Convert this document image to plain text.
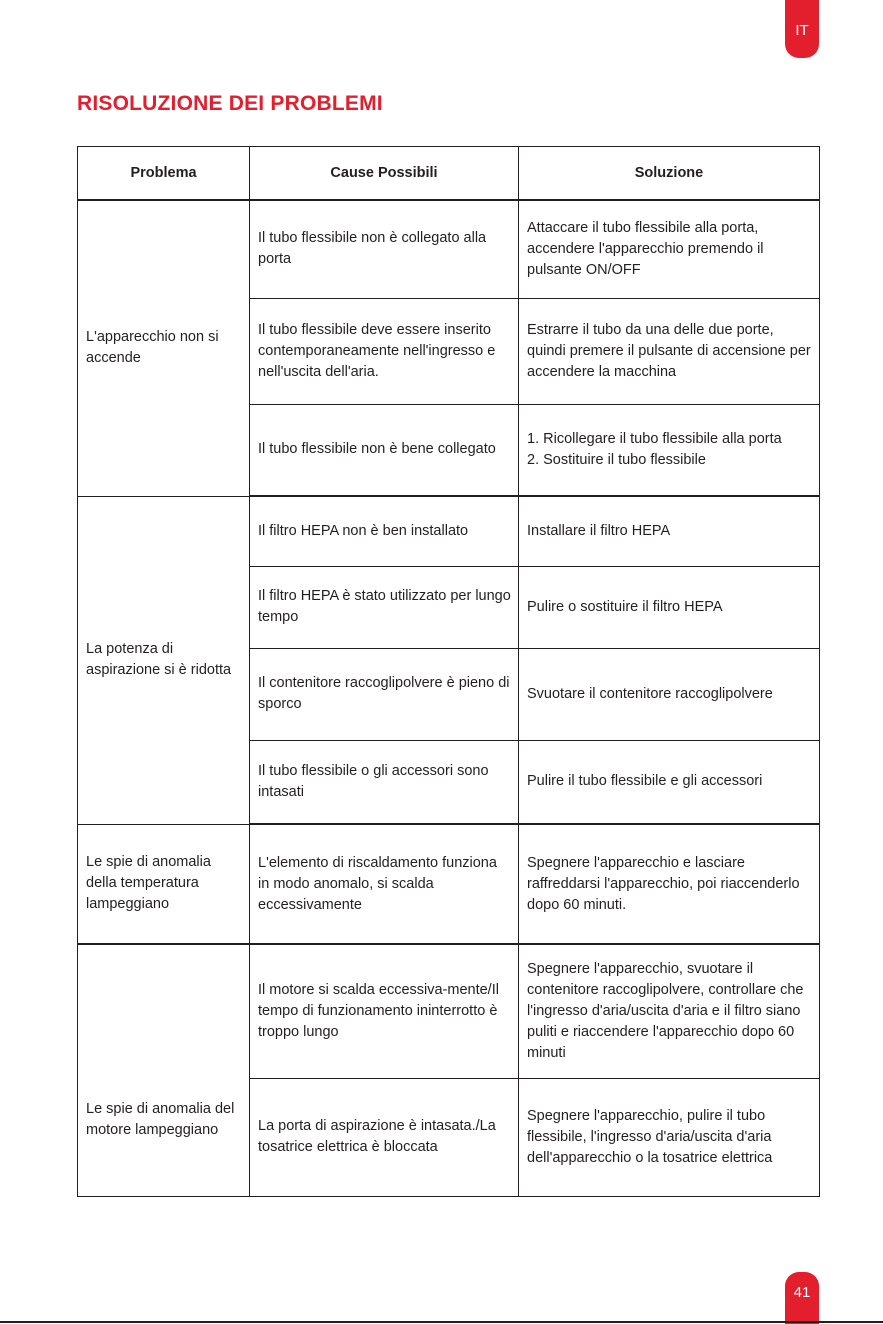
IT
RISOLUZIONE DEI PROBLEMI
Problema	Cause Possibili	Soluzione
L'apparecchio non si accende	Il tubo flessibile non è collegato alla porta	Attaccare il tubo flessibile alla porta, accendere l'apparecchio premendo il pulsante ON/OFF
	Il tubo flessibile deve essere inserito contemporaneamente nell'ingresso e nell'uscita dell'aria.	Estrarre il tubo da una delle due porte, quindi premere il pulsante di accensione per accendere la macchina
	Il tubo flessibile non è bene collegato	1. Ricollegare il tubo flessibile alla porta
2. Sostituire il tubo flessibile
La potenza di aspirazione si è ridotta	Il filtro HEPA non è ben installato	Installare il filtro HEPA
	Il filtro HEPA è stato utilizzato per lungo tempo	Pulire o sostituire il filtro HEPA
	Il contenitore raccoglipolvere è pieno di sporco	Svuotare il contenitore raccoglipolvere
	Il tubo flessibile o gli accessori sono intasati	Pulire il tubo flessibile e gli accessori
Le spie di anomalia della temperatura lampeggiano	L'elemento di riscaldamento funziona in modo anomalo, si scalda eccessivamente	Spegnere l'apparecchio e lasciare raffreddarsi l'apparecchio, poi riaccenderlo dopo 60 minuti.
Le spie di anomalia del motore lampeggiano	Il motore si scalda eccessiva-mente/Il tempo di funzionamento ininterrotto è troppo lungo	Spegnere l'apparecchio, svuotare il contenitore raccoglipolvere, controllare che l'ingresso d'aria/uscita d'aria e il filtro siano puliti e riaccendere l'apparecchio dopo 60 minuti
	La porta di aspirazione è intasata./La tosatrice elettrica è bloccata	Spegnere l'apparecchio, pulire il tubo flessibile, l'ingresso d'aria/uscita d'aria dell'apparecchio o la tosatrice elettrica
41
